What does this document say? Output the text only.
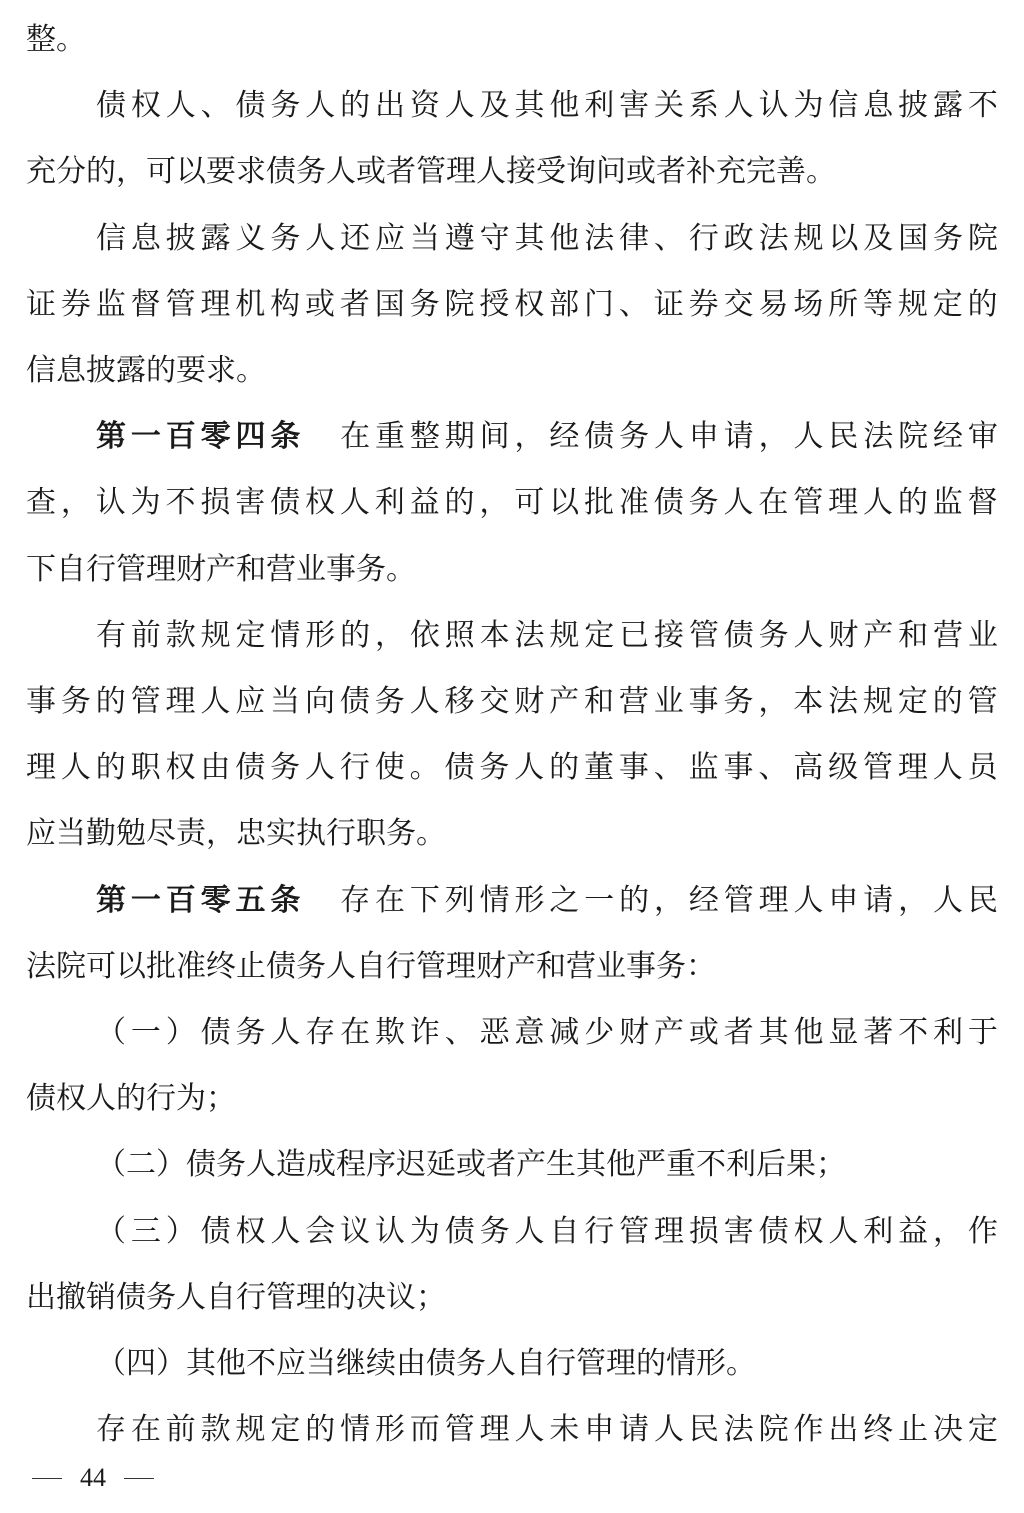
整。
债 权 人 、 债 务 人 的 出 资 人 及 其 他 利 害 关 系 人 认 为 信 息 披 露 不
充分的，可以要求债务人或者管理人接受询问或者补充完善。
信 息 披 露 义 务 人 还 应 当 遵 守 其 他 法 律 、 行 政 法 规 以 及 国 务 院
证 券 监 督 管 理 机 构 或 者 国 务 院 授 权 部 门 、 证 券 交 易 场 所 等 规 定 的
信息披露的要求。
第 一 百 零 四 条
　 在 重 整 期 间 ， 经 债 务 人 申 请 ， 人 民 法 院 经 审
查 ， 认 为 不 损 害 债 权 人 利 益 的 ， 可 以 批 准 债 务 人 在 管 理 人 的 监 督
下自行管理财产和营业事务。
有 前 款 规 定 情 形 的 ， 依 照 本 法 规 定 已 接 管 债 务 人 财 产 和 营 业
事 务 的 管 理 人 应 当 向 债 务 人 移 交 财 产 和 营 业 事 务 ， 本 法 规 定 的 管
理 人 的 职 权 由 债 务 人 行 使 。 债 务 人 的 董 事 、 监 事 、 高 级 管 理 人 员
应当勤勉尽责，忠实执行职务。
第 一 百 零 五 条
　 存 在 下 列 情 形 之 一 的 ， 经 管 理 人 申 请 ， 人 民
法院可以批准终止债务人自行管理财产和营业事务：
（ 一 ） 债 务 人 存 在 欺 诈 、 恶 意 减 少 财 产 或 者 其 他 显 著 不 利 于
债权人的行为；
（二）债务人造成程序迟延或者产生其他严重不利后果；
（ 三 ） 债 权 人 会 议 认 为 债 务 人 自 行 管 理 损 害 债 权 人 利 益 ， 作
出撤销债务人自行管理的决议；
（四）其他不应当继续由债务人自行管理的情形。
存 在 前 款 规 定 的 情 形 而 管 理 人 未 申 请 人 民 法 院 作 出 终 止 决 定
44
